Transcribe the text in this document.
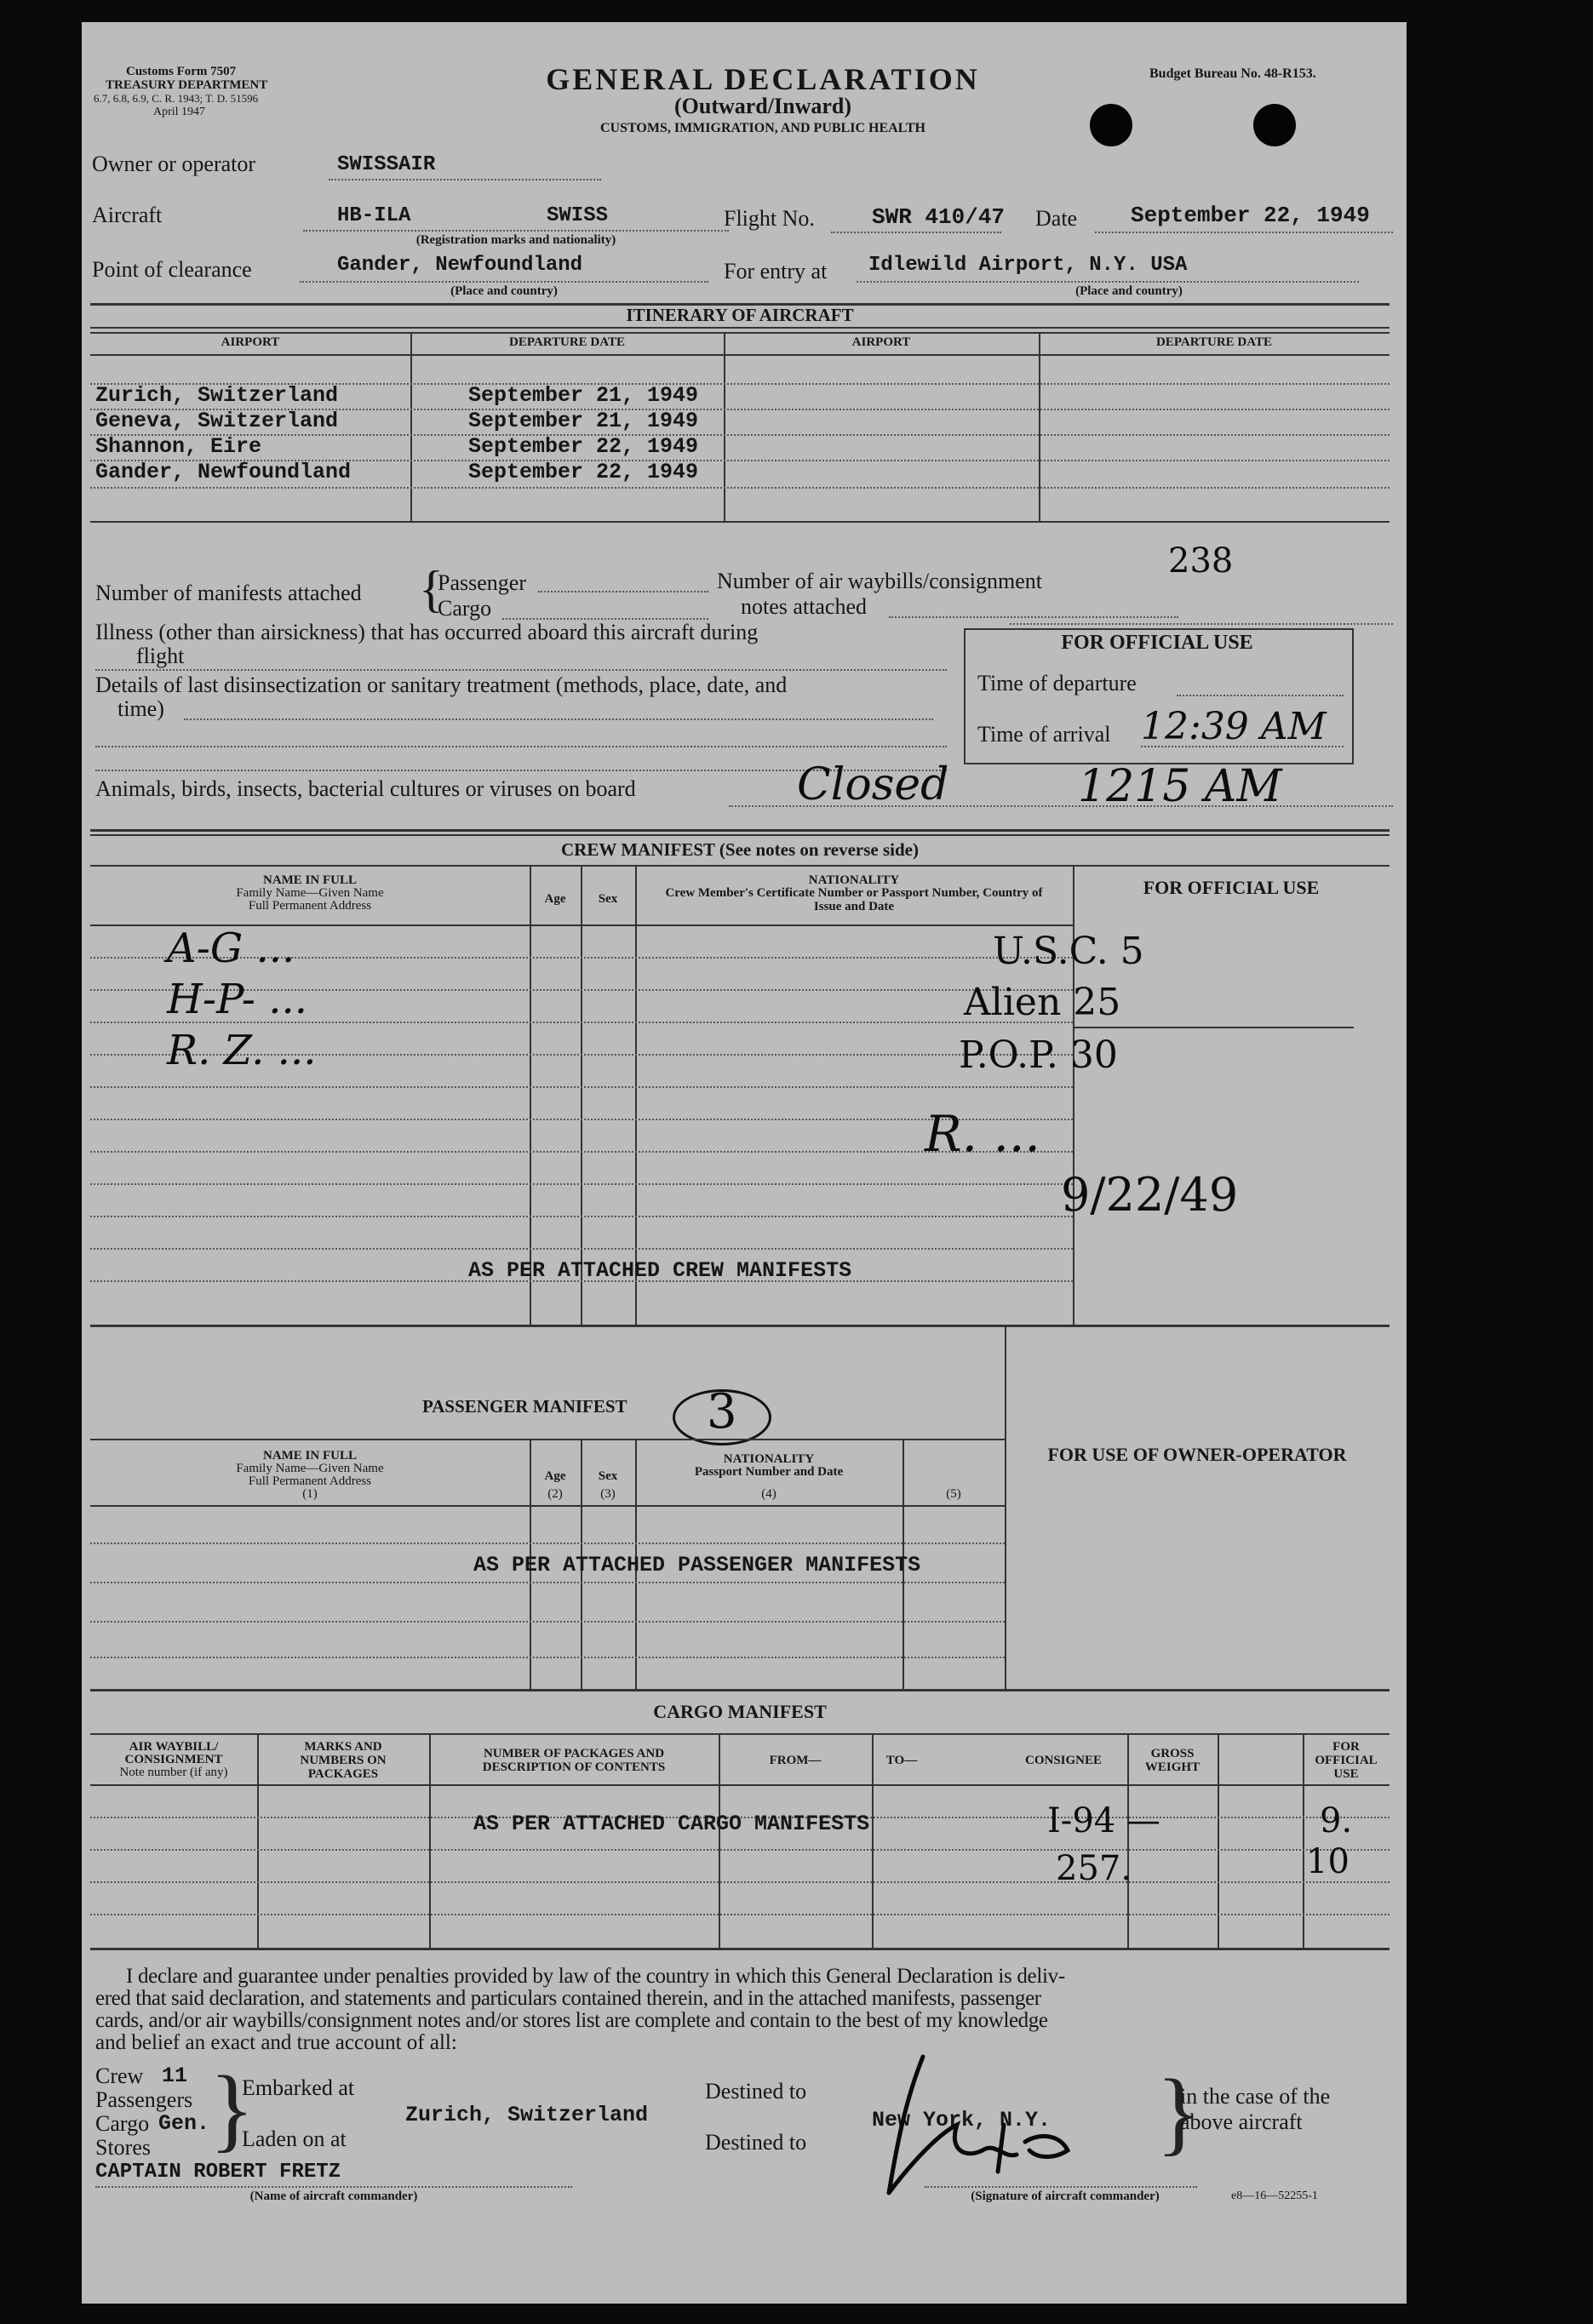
Customs Form 7507
TREASURY DEPARTMENT
6.7, 6.8, 6.9, C. R. 1943; T. D. 51596
April 1947
Budget Bureau No. 48-R153.
GENERAL DECLARATION
(Outward/Inward)
CUSTOMS, IMMIGRATION, AND PUBLIC HEALTH
Owner or operator	SWISSAIR
Aircraft	HB-ILA	SWISS
(Registration marks and nationality)
Flight No.	SWR 410/47 Date September 22, 1949
Point of clearance	Gander, Newfoundland
(Place and country)
For entry at Idlewild Airport, N.Y. USA
(Place and country)
ITINERARY OF AIRCRAFT
AIRPORT	DEPARTURE DATE	AIRPORT	DEPARTURE DATE
Zurich, Switzerland	September 21, 1949
Geneva, Switzerland	September 21, 1949
Shannon, Eire	September 22, 1949
Gander, Newfoundland	September 22, 1949
Number of manifests attached {
Passenger
Cargo
Number of air waybills/consignment
notes attached
238
Illness (other than airsickness) that has occurred aboard this aircraft during
flight
Details of last disinsectization or sanitary treatment (methods, place, date, and
time)
FOR OFFICIAL USE
Time of departure
Time of arrival 12:39 AM
Animals, birds, insects, bacterial cultures or viruses on board	Closed	1215 AM
CREW MANIFEST (See notes on reverse side)
NAME IN FULL
Family Name—Given Name
Full Permanent Address	Age	Sex
NATIONALITY
Crew Member's Certificate Number or Passport Number, Country of Issue and Date
FOR OFFICIAL USE
A-G ...
H-P- ...
R. Z. ...
U.S.C. 5
Alien 25
P.O.P. 30
R. ...
9/22/49
AS PER ATTACHED CREW MANIFESTS
PASSENGER MANIFEST 3
FOR USE OF OWNER-OPERATOR
NAME IN FULL
Family Name—Given Name
Full Permanent Address
(1)
Age
(2)
Sex
(3)
NATIONALITY
Passport Number and Date
(4)	(5)
AS PER ATTACHED PASSENGER MANIFESTS
CARGO MANIFEST
AIR WAYBILL/
CONSIGNMENT
Note number (if any)
MARKS AND NUMBERS ON PACKAGES
NUMBER OF PACKAGES AND DESCRIPTION OF CONTENTS	FROM—	TO—	CONSIGNEE	GROSS WEIGHT
FOR OFFICIAL USE
AS PER ATTACHED CARGO MANIFESTS	I-94 —
257.
9.
10
I declare and guarantee under penalties provided by law of the country in which this General Declaration is deliv-
ered that said declaration, and statements and particulars contained therein, and in the attached manifests, passenger
cards, and/or air waybills/consignment notes and/or stores list are complete and contain to the best of my knowledge
and belief an exact and true account of all:
Crew 11
Passengers
Cargo Gen.
Stores }
Embarked at
Laden on at
Zurich, Switzerland
Destined to
Destined to
New York, N.Y. }
in the case of the
above aircraft
CAPTAIN ROBERT FRETZ
(Name of aircraft commander)	(Signature of aircraft commander)	e8—16—52255-1
